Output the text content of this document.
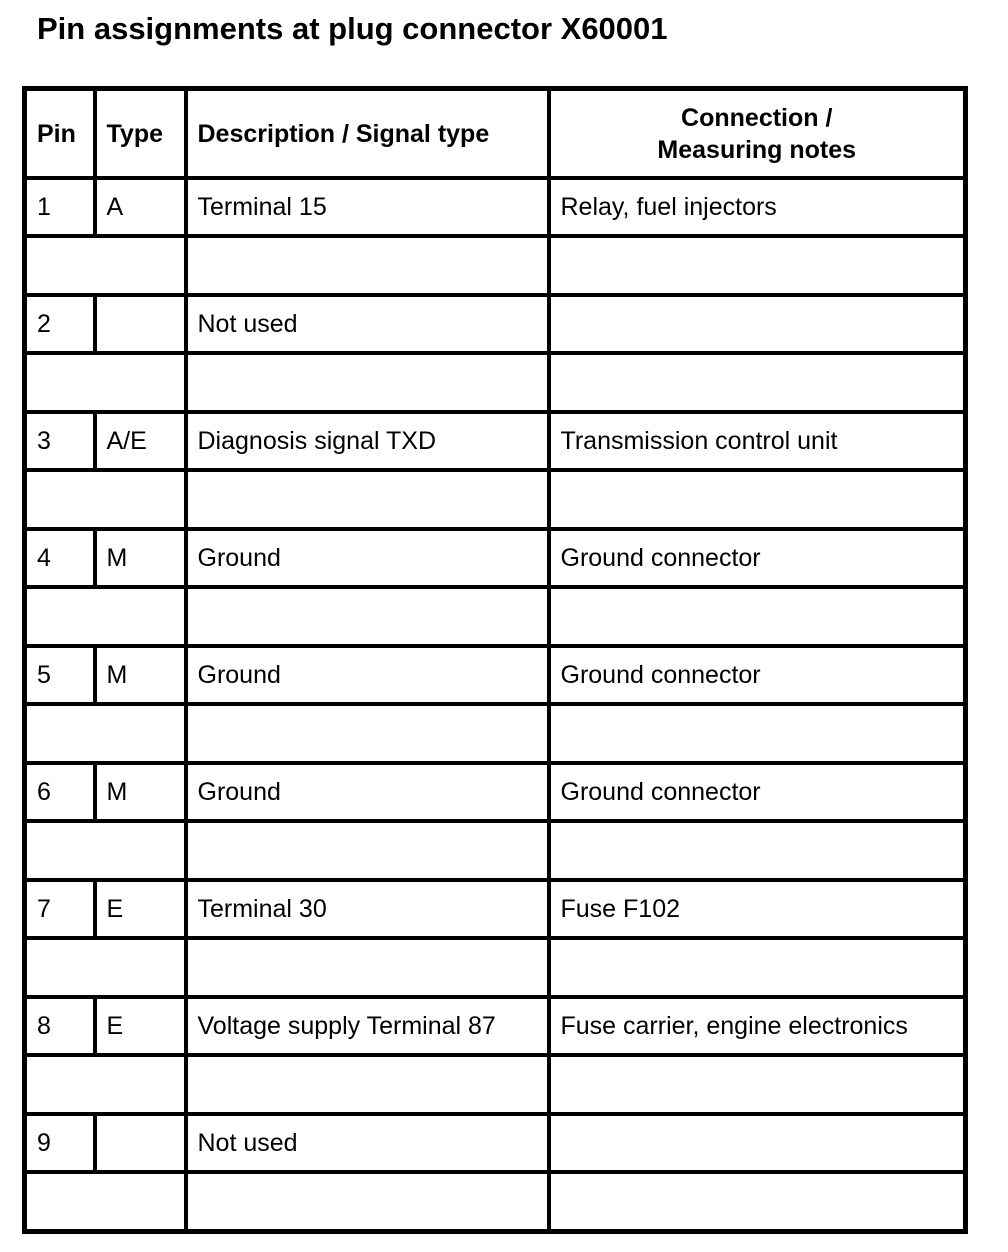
Pin assignments at plug connector X60001
Pin	Type	Description / Signal type	Connection /
Measuring notes
1	A	Terminal 15	Relay, fuel injectors

2		Not used	

3	A/E	Diagnosis signal TXD	Transmission control unit

4	M	Ground	Ground connector

5	M	Ground	Ground connector

6	M	Ground	Ground connector

7	E	Terminal 30	Fuse F102

8	E	Voltage supply Terminal 87	Fuse carrier, engine electronics

9		Not used	
